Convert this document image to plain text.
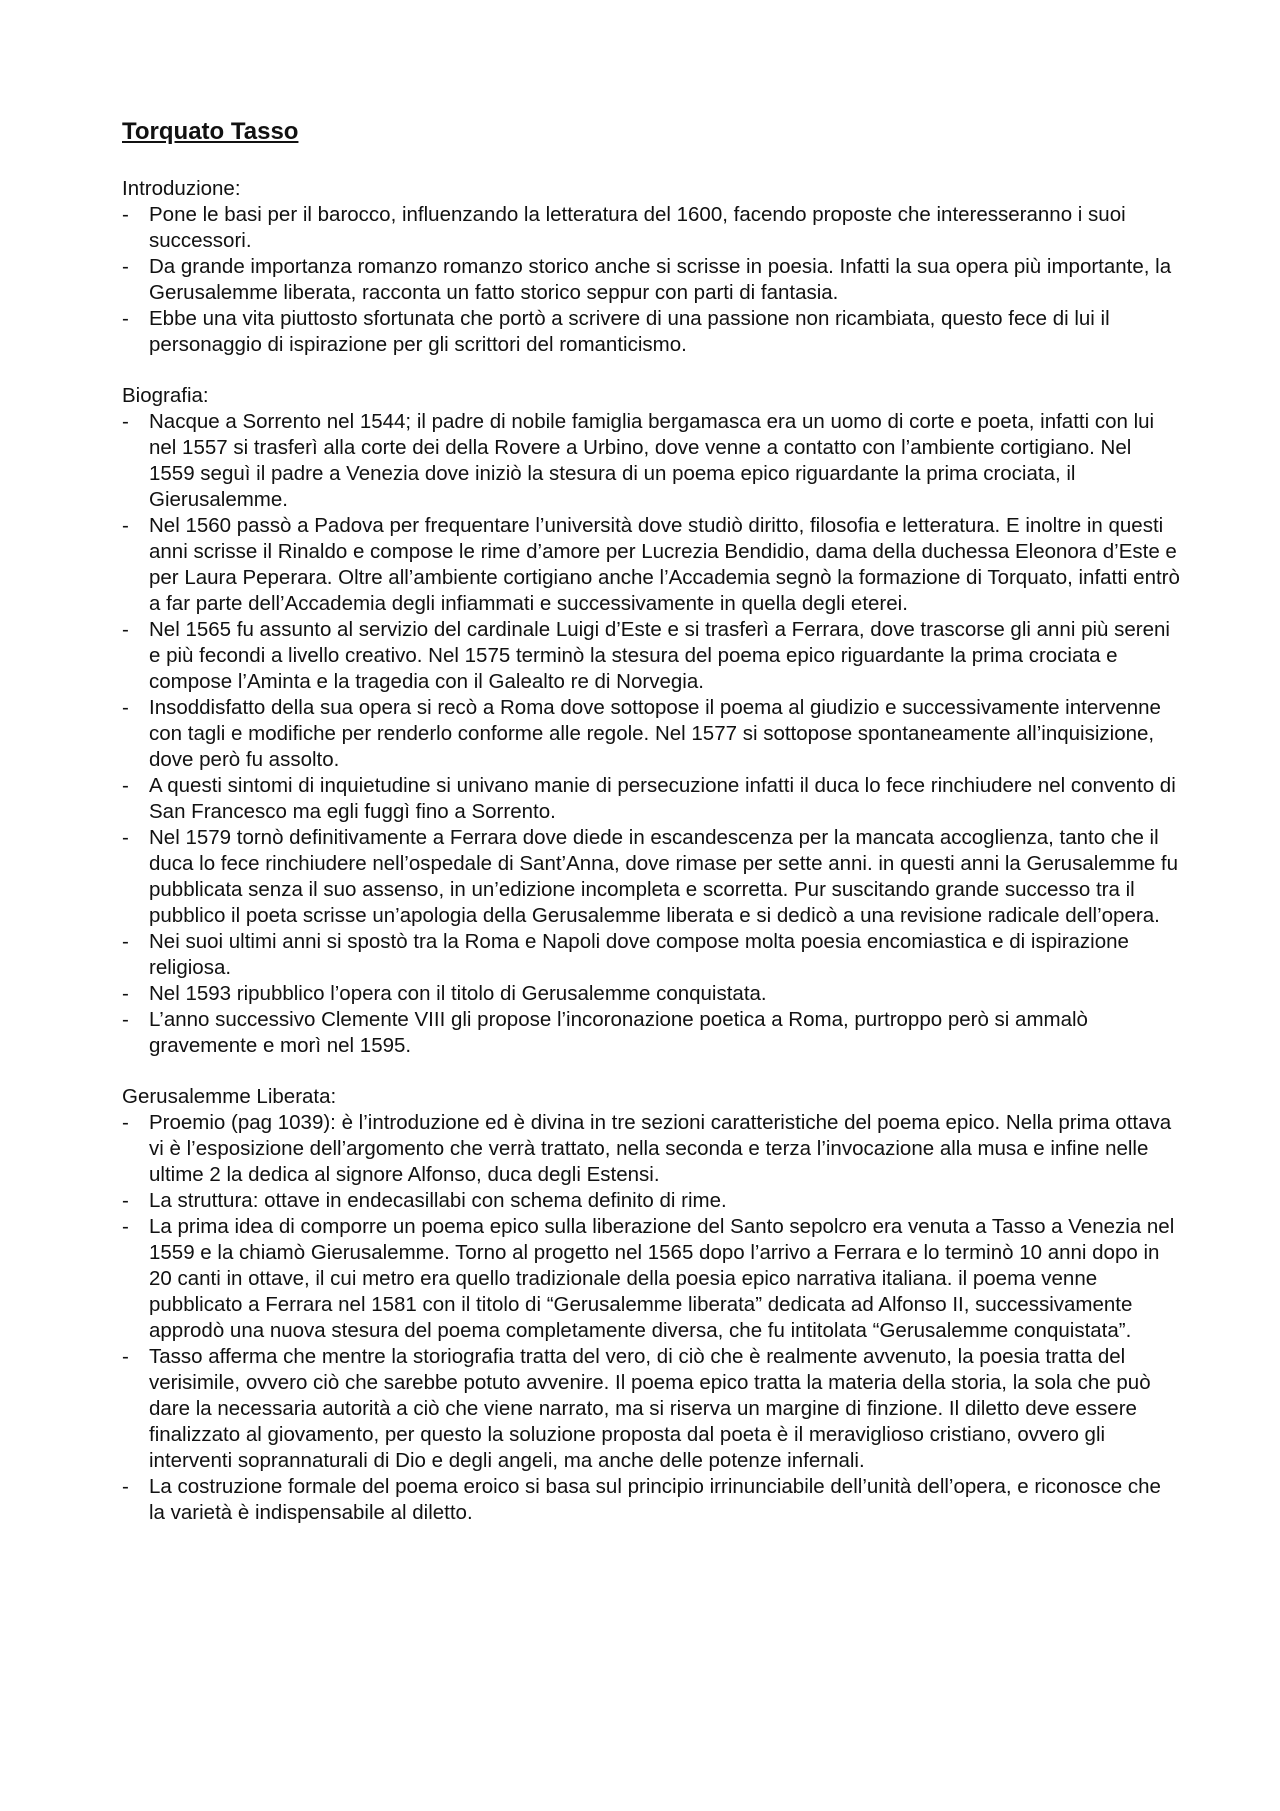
Torquato Tasso

Introduzione:

- Pone le basi per il barocco, influenzando la letteratura del 1600, facendo proposte che interesseranno i suoi successori.
- Da grande importanza romanzo romanzo storico anche si scrisse in poesia. Infatti la sua opera più importante, la Gerusalemme liberata, racconta un fatto storico seppur con parti di fantasia.
- Ebbe una vita piuttosto sfortunata che portò a scrivere di una passione non ricambiata, questo fece di lui il personaggio di ispirazione per gli scrittori del romanticismo.

Biografia:

- Nacque a Sorrento nel 1544; il padre di nobile famiglia bergamasca era un uomo di corte e poeta, infatti con lui nel 1557 si trasferì alla corte dei della Rovere a Urbino, dove venne a contatto con l’ambiente cortigiano. Nel 1559 seguì il padre a Venezia dove iniziò la stesura di un poema epico riguardante la prima crociata, il Gierusalemme.
- Nel 1560 passò a Padova per frequentare l’università dove studiò diritto, filosofia e letteratura. E inoltre in questi anni scrisse il Rinaldo e compose le rime d’amore per Lucrezia Bendidio, dama della duchessa Eleonora d’Este e per Laura Peperara. Oltre all’ambiente cortigiano anche l’Accademia segnò la formazione di Torquato, infatti entrò a far parte dell’Accademia degli infiammati e successivamente in quella degli eterei.
- Nel 1565 fu assunto al servizio del cardinale Luigi d’Este e si trasferì a Ferrara, dove trascorse gli anni più sereni e più fecondi a livello creativo. Nel 1575 terminò la stesura del poema epico riguardante la prima crociata e compose l’Aminta e la tragedia con il Galealto re di Norvegia.
- Insoddisfatto della sua opera si recò a Roma dove sottopose il poema al giudizio e successivamente intervenne con tagli e modifiche per renderlo conforme alle regole. Nel 1577 si sottopose spontaneamente all’inquisizione, dove però fu assolto.
- A questi sintomi di inquietudine si univano manie di persecuzione infatti il duca lo fece rinchiudere nel convento di San Francesco ma egli fuggì fino a Sorrento.
- Nel 1579 tornò definitivamente a Ferrara dove diede in escandescenza per la mancata accoglienza, tanto che il duca lo fece rinchiudere nell’ospedale di Sant’Anna, dove rimase per sette anni. in questi anni la Gerusalemme fu pubblicata senza il suo assenso, in un’edizione incompleta e scorretta. Pur suscitando grande successo tra il pubblico il poeta scrisse un’apologia della Gerusalemme liberata e si dedicò a una revisione radicale dell’opera.
- Nei suoi ultimi anni si spostò tra la Roma e Napoli dove compose molta poesia encomiastica e di ispirazione religiosa.
- Nel 1593 ripubblico l’opera con il titolo di Gerusalemme conquistata.
- L’anno successivo Clemente VIII gli propose l’incoronazione poetica a Roma, purtroppo però si ammalò gravemente e morì nel 1595.

Gerusalemme Liberata:

- Proemio (pag 1039): è l’introduzione ed è divina in tre sezioni caratteristiche del poema epico. Nella prima ottava vi è l’esposizione dell’argomento che verrà trattato, nella seconda e terza l’invocazione alla musa e infine nelle ultime 2 la dedica al signore Alfonso, duca degli Estensi.
- La struttura: ottave in endecasillabi con schema definito di rime.
- La prima idea di comporre un poema epico sulla liberazione del Santo sepolcro era venuta a Tasso a Venezia nel 1559 e la chiamò Gierusalemme. Torno al progetto nel 1565 dopo l’arrivo a Ferrara e lo terminò 10 anni dopo in 20 canti in ottave, il cui metro era quello tradizionale della poesia epico narrativa italiana. il poema venne pubblicato a Ferrara nel 1581 con il titolo di “Gerusalemme liberata” dedicata ad Alfonso II, successivamente approdò una nuova stesura del poema completamente diversa, che fu intitolata “Gerusalemme conquistata”.
- Tasso afferma che mentre la storiografia tratta del vero, di ciò che è realmente avvenuto, la poesia tratta del verisimile, ovvero ciò che sarebbe potuto avvenire. Il poema epico tratta la materia della storia, la sola che può dare la necessaria autorità a ciò che viene narrato, ma si riserva un margine di finzione. Il diletto deve essere finalizzato al giovamento, per questo la soluzione proposta dal poeta è il meraviglioso cristiano, ovvero gli interventi soprannaturali di Dio e degli angeli, ma anche delle potenze infernali.
- La costruzione formale del poema eroico si basa sul principio irrinunciabile dell’unità dell’opera, e riconosce che la varietà è indispensabile al diletto.
